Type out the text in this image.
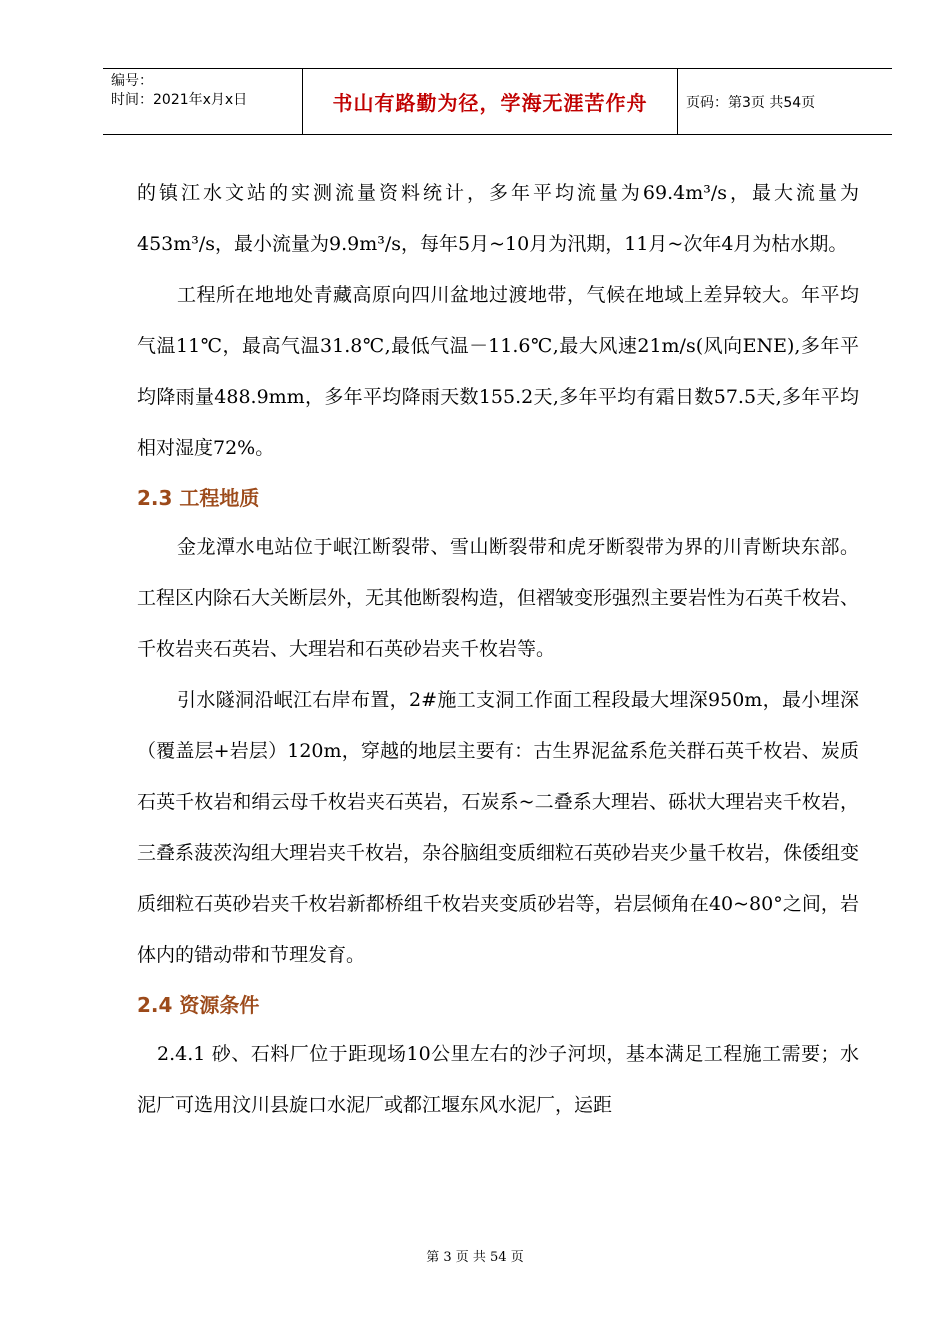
编号：
时间：2021年x月x日	书山有路勤为径，学海无涯苦作舟	页码：第3页 共54页

的镇江水文站的实测流量资料统计，多年平均流量为69.4m³/s，最大流量为453m³/s，最小流量为9.9m³/s，每年5月~10月为汛期，11月~次年4月为枯水期。

工程所在地地处青藏高原向四川盆地过渡地带，气候在地域上差异较大。年平均气温11℃，最高气温31.8℃,最低气温－11.6℃,最大风速21m/s(风向ENE),多年平均降雨量488.9mm，多年平均降雨天数155.2天,多年平均有霜日数57.5天,多年平均相对湿度72%。

2.3 工程地质

金龙潭水电站位于岷江断裂带、雪山断裂带和虎牙断裂带为界的川青断块东部。工程区内除石大关断层外，无其他断裂构造，但褶皱变形强烈主要岩性为石英千枚岩、千枚岩夹石英岩、大理岩和石英砂岩夹千枚岩等。

引水隧洞沿岷江右岸布置，2#施工支洞工作面工程段最大埋深950m，最小埋深（覆盖层+岩层）120m，穿越的地层主要有：古生界泥盆系危关群石英千枚岩、炭质石英千枚岩和绢云母千枚岩夹石英岩，石炭系~二叠系大理岩、砾状大理岩夹千枚岩，三叠系菠茨沟组大理岩夹千枚岩，杂谷脑组变质细粒石英砂岩夹少量千枚岩，侏倭组变质细粒石英砂岩夹千枚岩新都桥组千枚岩夹变质砂岩等，岩层倾角在40~80°之间，岩体内的错动带和节理发育。

2.4 资源条件

2.4.1 砂、石料厂位于距现场10公里左右的沙子河坝，基本满足工程施工需要；水泥厂可选用汶川县旋口水泥厂或都江堰东风水泥厂，运距

第 3 页 共 54 页
